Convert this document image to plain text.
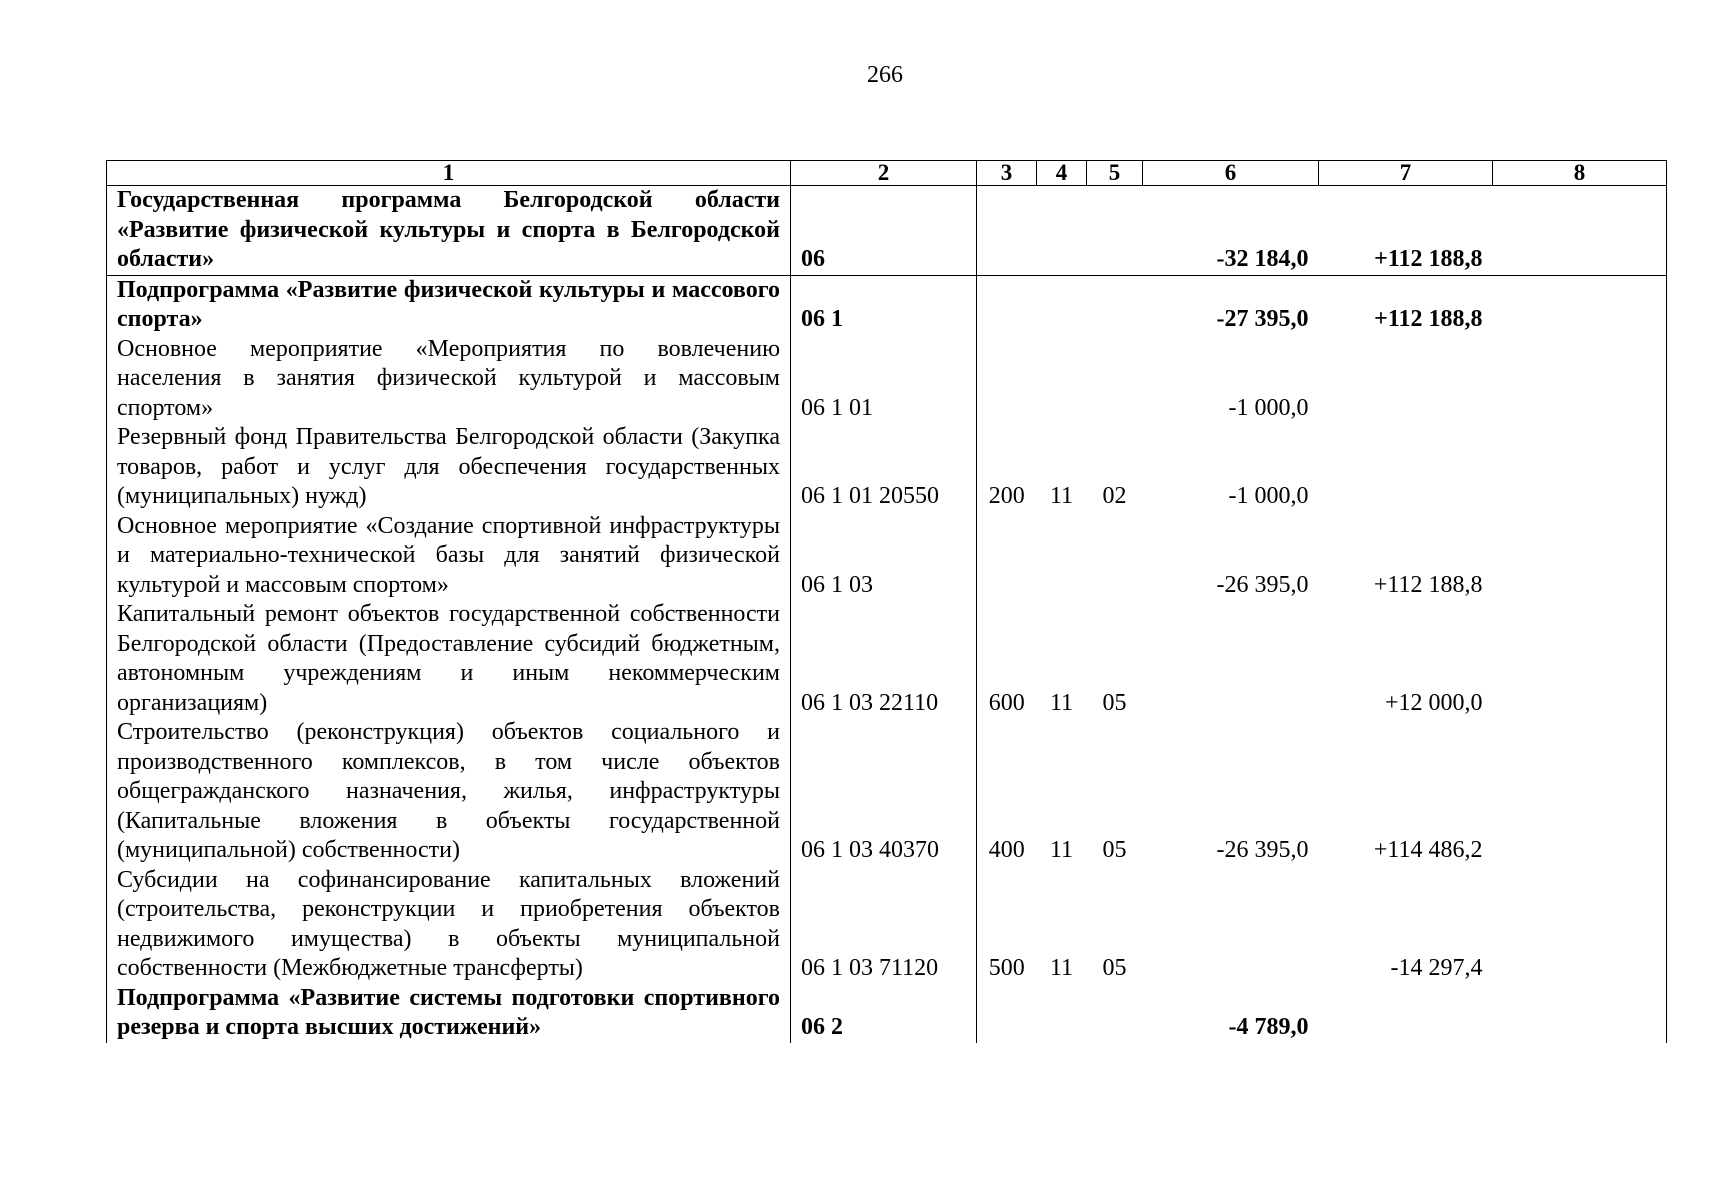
266
1	2	3	4	5	6	7	8
Государственная программа Белгородской области «Развитие физической культуры и спорта в Белгородской области»	06				-32 184,0	+112 188,8	
Подпрограмма «Развитие физической культуры и массового спорта»	06 1				-27 395,0	+112 188,8	
Основное мероприятие «Мероприятия по вовлечению населения в занятия физической культурой и массовым спортом»	06 1 01				-1 000,0		
Резервный фонд Правительства Белгородской области (Закупка товаров, работ и услуг для обеспечения государственных (муниципальных) нужд)	06 1 01 20550	200	11	02	-1 000,0		
Основное мероприятие «Создание спортивной инфраструктуры и материально-технической базы для занятий физической культурой и массовым спортом»	06 1 03				-26 395,0	+112 188,8	
Капитальный ремонт объектов государственной собственности Белгородской области (Предоставление субсидий бюджетным, автономным учреждениям и иным некоммерческим организациям)	06 1 03 22110	600	11	05		+12 000,0	
Строительство (реконструкция) объектов социального и производственного комплексов, в том числе объектов общегражданского назначения, жилья, инфраструктуры (Капитальные вложения в объекты государственной (муниципальной) собственности)	06 1 03 40370	400	11	05	-26 395,0	+114 486,2	
Субсидии на софинансирование капитальных вложений (строительства, реконструкции и приобретения объектов недвижимого имущества) в объекты муниципальной собственности (Межбюджетные трансферты)	06 1 03 71120	500	11	05		-14 297,4	
Подпрограмма «Развитие системы подготовки спортивного резерва и спорта высших достижений»	06 2				-4 789,0		
